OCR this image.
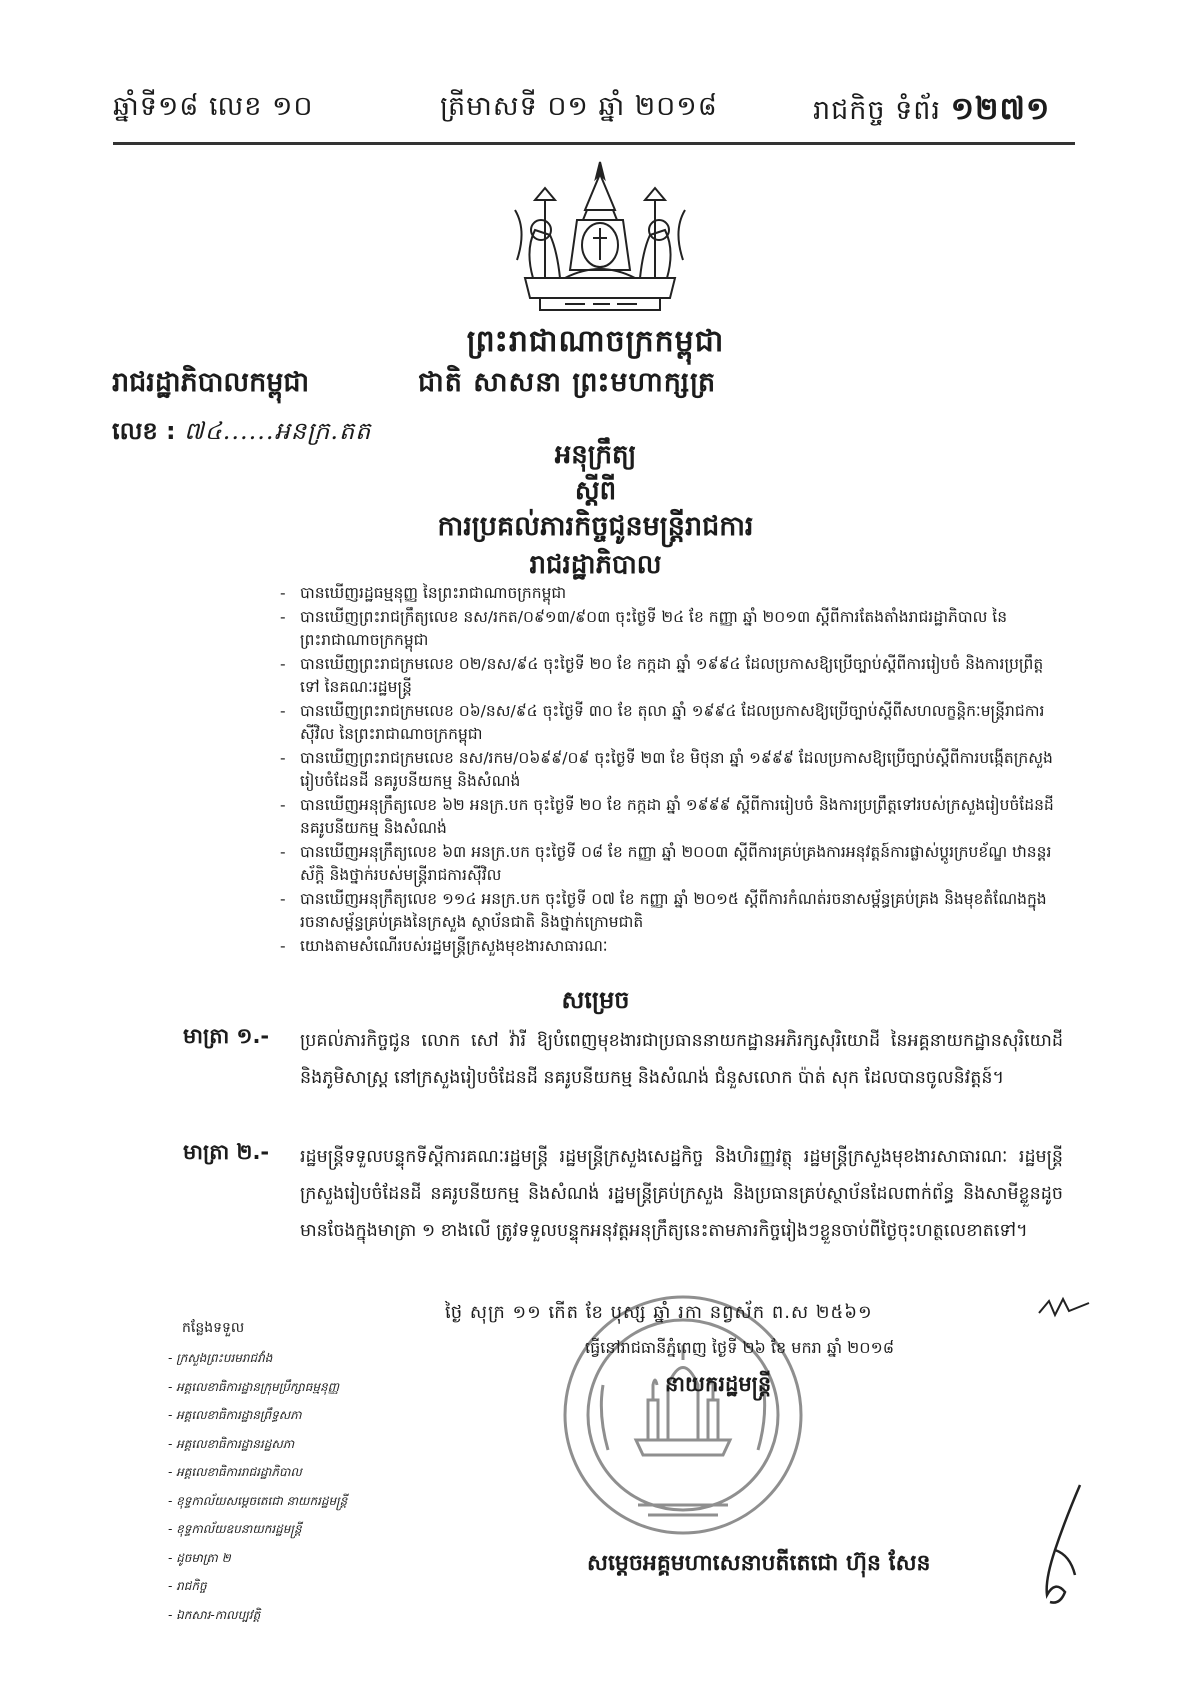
ឆ្នាំទី១៨ លេខ ១០	ត្រីមាសទី ០១ ឆ្នាំ ២០១៨	រាជកិច្ច ទំព័រ ១២៧១
ព្រះរាជាណាចក្រកម្ពុជា
ជាតិ សាសនា ព្រះមហាក្សត្រ
រាជរដ្ឋាភិបាលកម្ពុជា
លេខ : ៧៤......អនក្រ.តត
អនុក្រឹត្យ
ស្តីពី
ការប្រគល់ភារកិច្ចជូនមន្ត្រីរាជការ
រាជរដ្ឋាភិបាល
- បានឃើញរដ្ឋធម្មនុញ្ញ នៃព្រះរាជាណាចក្រកម្ពុជា
- បានឃើញព្រះរាជក្រឹត្យលេខ នស/រកត/០៩១៣/៩០៣ ចុះថ្ងៃទី ២៤ ខែ កញ្ញា ឆ្នាំ ២០១៣ ស្តីពីការតែងតាំងរាជរដ្ឋាភិបាល នៃព្រះរាជាណាចក្រកម្ពុជា
- បានឃើញព្រះរាជក្រមលេខ ០២/នស/៩៤ ចុះថ្ងៃទី ២០ ខែ កក្កដា ឆ្នាំ ១៩៩៤ ដែលប្រកាសឱ្យប្រើច្បាប់ស្តីពីការរៀបចំ និងការប្រព្រឹត្តទៅ នៃគណៈរដ្ឋមន្ត្រី
- បានឃើញព្រះរាជក្រមលេខ ០៦/នស/៩៤ ចុះថ្ងៃទី ៣០ ខែ តុលា ឆ្នាំ ១៩៩៤ ដែលប្រកាសឱ្យប្រើច្បាប់ស្តីពីសហលក្ខន្តិកៈមន្ត្រីរាជការស៊ីវិល នៃព្រះរាជាណាចក្រកម្ពុជា
- បានឃើញព្រះរាជក្រមលេខ នស/រកម/០៦៩៩/០៩ ចុះថ្ងៃទី ២៣ ខែ មិថុនា ឆ្នាំ ១៩៩៩ ដែលប្រកាសឱ្យប្រើច្បាប់ស្តីពីការបង្កើតក្រសួងរៀបចំដែនដី នគរូបនីយកម្ម និងសំណង់
- បានឃើញអនុក្រឹត្យលេខ ៦២ អនក្រ.បក ចុះថ្ងៃទី ២០ ខែ កក្កដា ឆ្នាំ ១៩៩៩ ស្តីពីការរៀបចំ និងការប្រព្រឹត្តទៅរបស់ក្រសួងរៀបចំដែនដី នគរូបនីយកម្ម និងសំណង់
- បានឃើញអនុក្រឹត្យលេខ ៦៣ អនក្រ.បក ចុះថ្ងៃទី ០៨ ខែ កញ្ញា ឆ្នាំ ២០០៣ ស្តីពីការគ្រប់គ្រងការអនុវត្តន៍ការផ្លាស់ប្តូរក្របខ័ណ្ឌ ឋានន្តរស័ក្តិ និងថ្នាក់របស់មន្ត្រីរាជការស៊ីវិល
- បានឃើញអនុក្រឹត្យលេខ ១១៤ អនក្រ.បក ចុះថ្ងៃទី ០៧ ខែ កញ្ញា ឆ្នាំ ២០១៥ ស្តីពីការកំណត់រចនាសម្ព័ន្ធគ្រប់គ្រង និងមុខតំណែងក្នុងរចនាសម្ព័ន្ធគ្រប់គ្រងនៃក្រសួង ស្ថាប័នជាតិ និងថ្នាក់ក្រោមជាតិ
- យោងតាមសំណើរបស់រដ្ឋមន្ត្រីក្រសួងមុខងារសាធារណៈ
សម្រេច
មាត្រា ១.- ប្រគល់ភារកិច្ចជូន លោក សៅ វ៉ារី ឱ្យបំពេញមុខងារជាប្រធាននាយកដ្ឋានអភិរក្សសុរិយោដី នៃអគ្គនាយកដ្ឋានសុរិយោដី និងភូមិសាស្ត្រ នៅក្រសួងរៀបចំដែនដី នគរូបនីយកម្ម និងសំណង់ ជំនួសលោក ប៉ាត់ សុក ដែលបានចូលនិវត្តន៍។
មាត្រា ២.- រដ្ឋមន្ត្រីទទួលបន្ទុកទីស្តីការគណៈរដ្ឋមន្ត្រី រដ្ឋមន្ត្រីក្រសួងសេដ្ឋកិច្ច និងហិរញ្ញវត្ថុ រដ្ឋមន្ត្រីក្រសួងមុខងារសាធារណៈ រដ្ឋមន្ត្រីក្រសួងរៀបចំដែនដី នគរូបនីយកម្ម និងសំណង់ រដ្ឋមន្ត្រីគ្រប់ក្រសួង និងប្រធានគ្រប់ស្ថាប័នដែលពាក់ព័ន្ធ និងសាមីខ្លួនដូចមានចែងក្នុងមាត្រា ១ ខាងលើ ត្រូវទទួលបន្ទុកអនុវត្តអនុក្រឹត្យនេះតាមភារកិច្ចរៀងៗខ្លួនចាប់ពីថ្ងៃចុះហត្ថលេខាតទៅ។
ថ្ងៃ សុក្រ ១១ កើត ខែ បុស្ស ឆ្នាំ រកា នព្វស័ក ព.ស ២៥៦១
ធ្វើនៅរាជធានីភ្នំពេញ ថ្ងៃទី ២៦ ខែ មករា ឆ្នាំ ២០១៨
នាយករដ្ឋមន្ត្រី
កន្លែងទទួល
- ក្រសួងព្រះបរមរាជវាំង
- អគ្គលេខាធិការដ្ឋានក្រុមប្រឹក្សាធម្មនុញ្ញ
- អគ្គលេខាធិការដ្ឋានព្រឹទ្ធសភា
- អគ្គលេខាធិការដ្ឋានរដ្ឋសភា
- អគ្គលេខាធិការរាជរដ្ឋាភិបាល
- ខុទ្ទកាល័យសម្តេចតេជោ នាយករដ្ឋមន្ត្រី
- ខុទ្ទកាល័យឧបនាយករដ្ឋមន្ត្រី
- ដូចមាត្រា ២
- រាជកិច្ច
- ឯកសារ-កាលប្បវត្តិ
សម្តេចអគ្គមហាសេនាបតីតេជោ ហ៊ុន សែន
